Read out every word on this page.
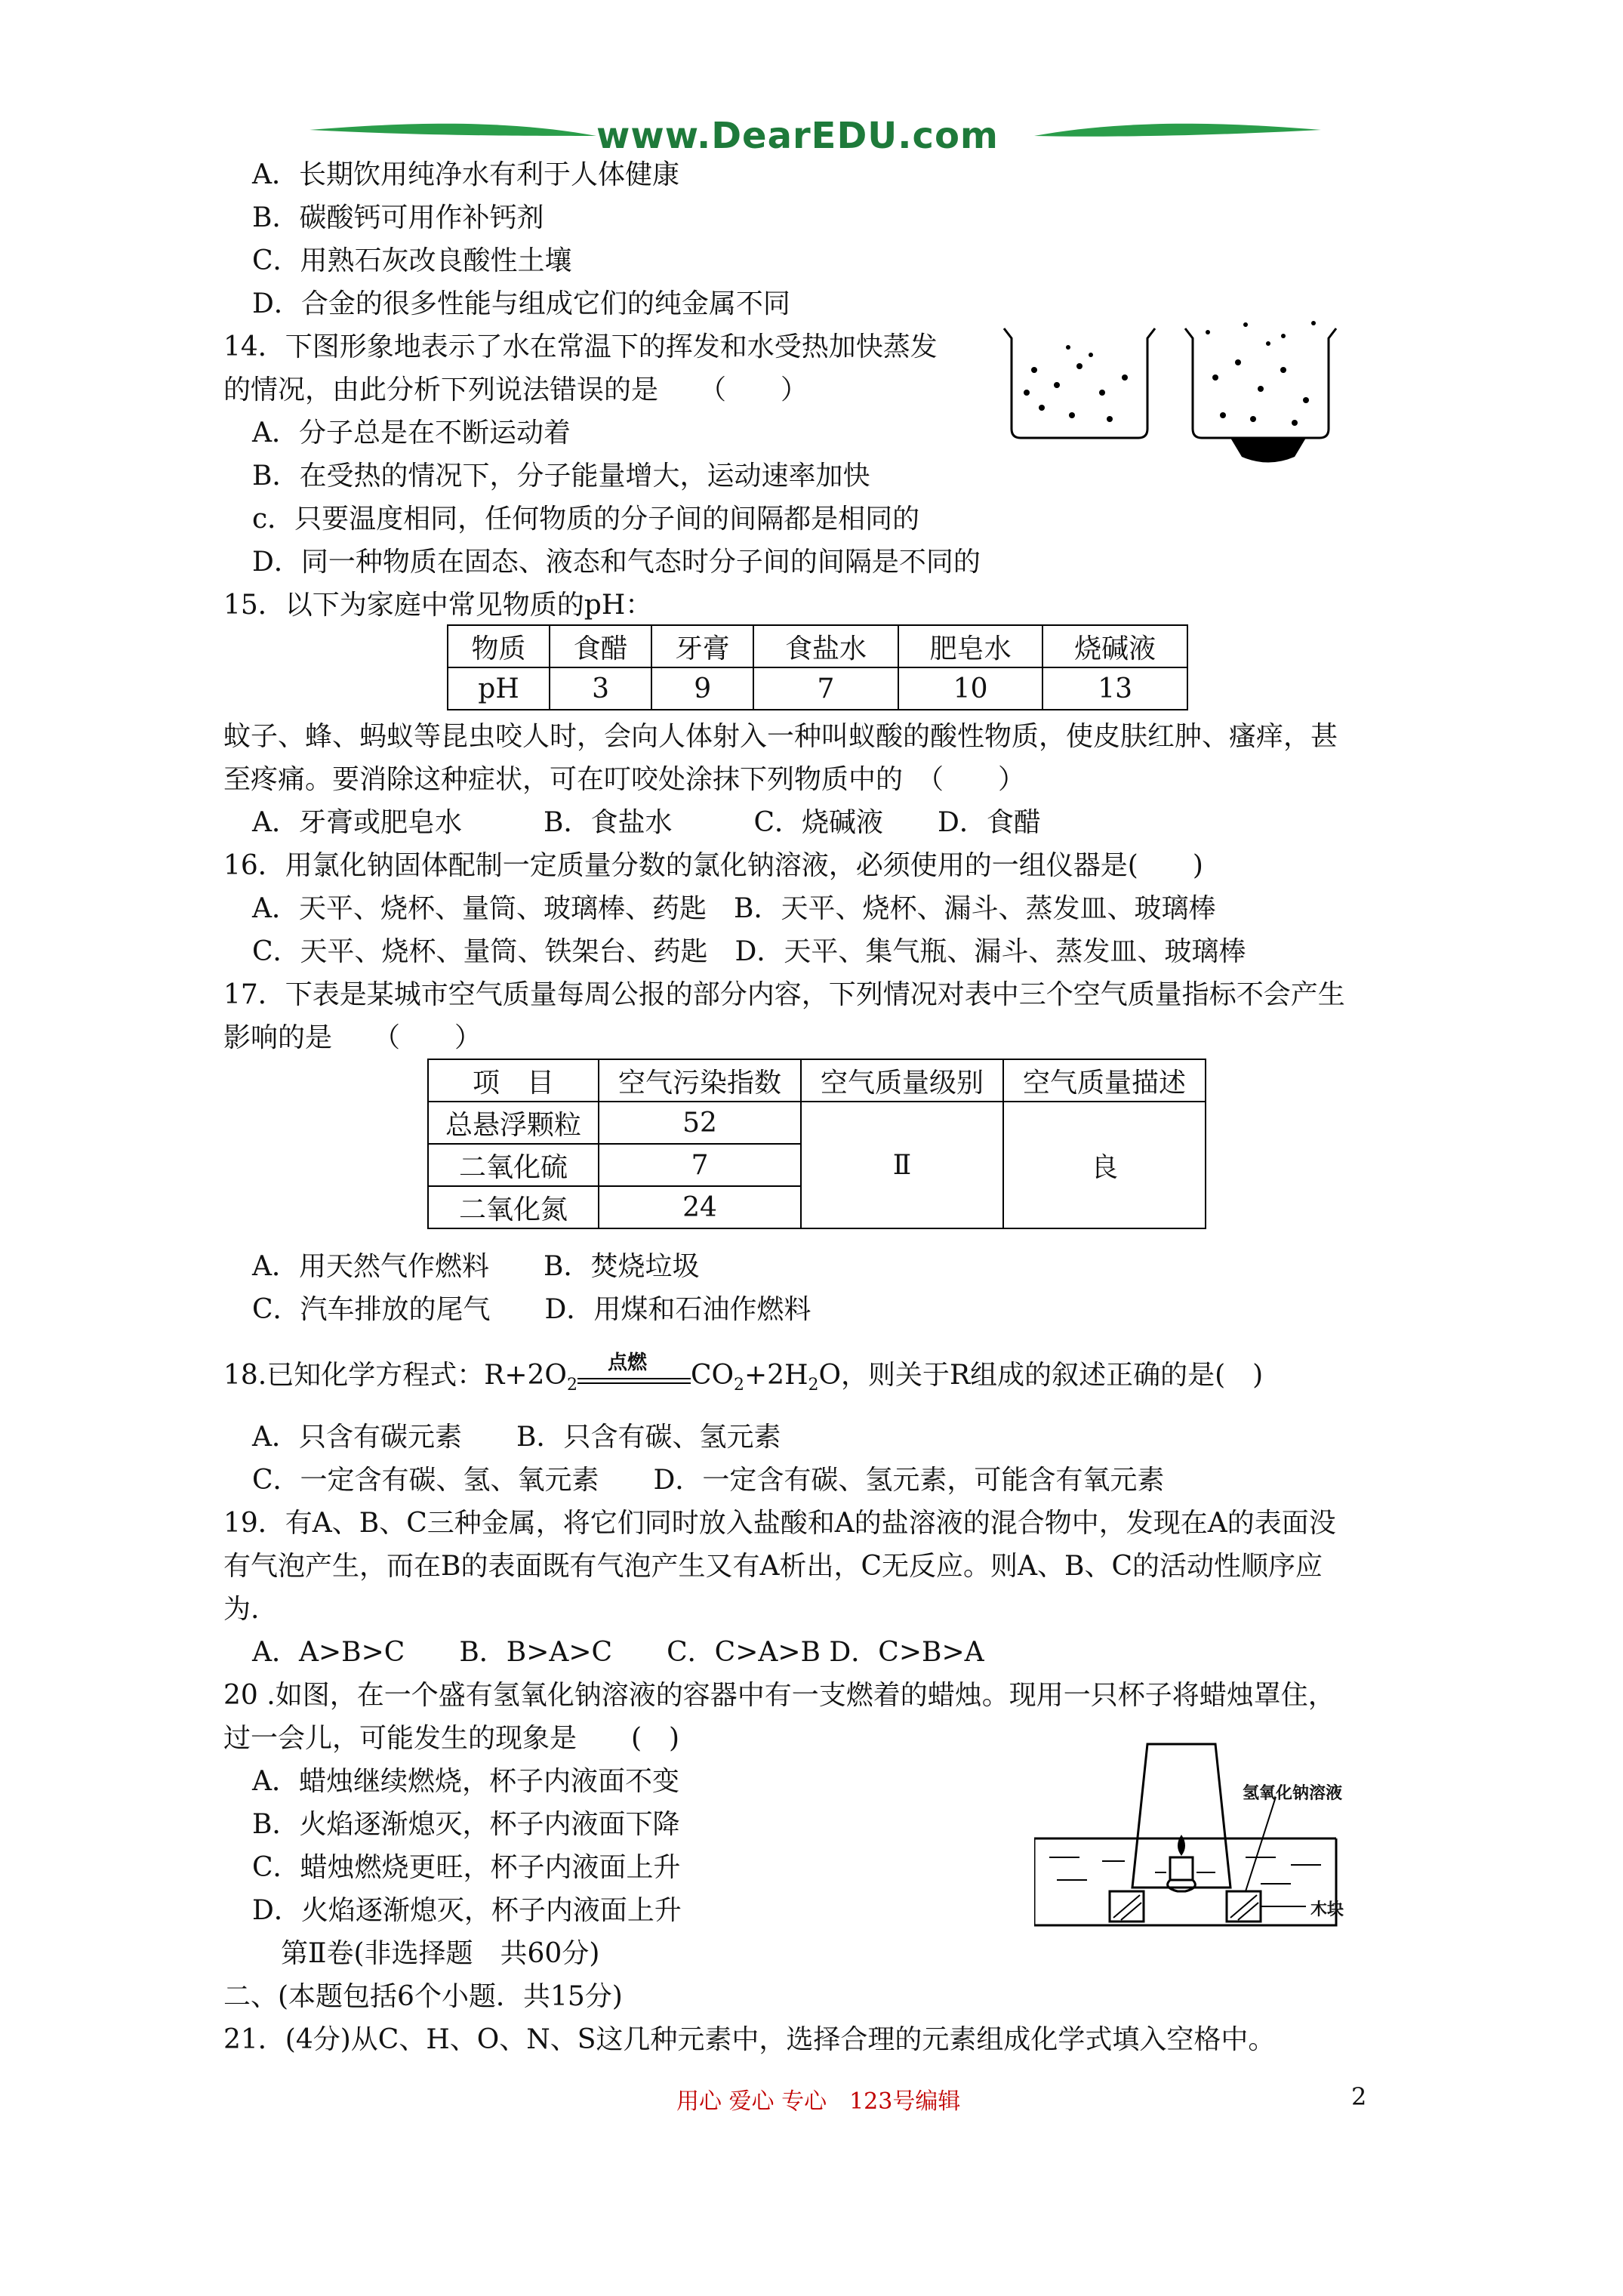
www.DearEDU.com
A．长期饮用纯净水有利于人体健康
B．碳酸钙可用作补钙剂
C．用熟石灰改良酸性土壤
D．合金的很多性能与组成它们的纯金属不同
14．下图形象地表示了水在常温下的挥发和水受热加快蒸发
的情况，由此分析下列说法错误的是　　（　　）
A．分子总是在不断运动着
B．在受热的情况下，分子能量增大，运动速率加快
c．只要温度相同，任何物质的分子间的间隔都是相同的
D．同一种物质在固态、液态和气态时分子间的间隔是不同的
15．以下为家庭中常见物质的pH：
物质	食醋	牙膏	食盐水	肥皂水	烧碱液
pH	3	9	7	10	13
蚊子、蜂、蚂蚁等昆虫咬人时，会向人体射入一种叫蚁酸的酸性物质，使皮肤红肿、瘙痒，甚
至疼痛。要消除这种症状，可在叮咬处涂抹下列物质中的　（　　）
A．牙膏或肥皂水　　　B．食盐水　　　C．烧碱液　　D．食醋
16．用氯化钠固体配制一定质量分数的氯化钠溶液，必须使用的一组仪器是(　　)
A．天平、烧杯、量筒、玻璃棒、药匙　B．天平、烧杯、漏斗、蒸发皿、玻璃棒
C．天平、烧杯、量筒、铁架台、药匙　D．天平、集气瓶、漏斗、蒸发皿、玻璃棒
17．下表是某城市空气质量每周公报的部分内容，下列情况对表中三个空气质量指标不会产生
影响的是　　（　　）
项　目	空气污染指数	空气质量级别	空气质量描述
总悬浮颗粒	52	Ⅱ	良
二氧化硫	7		
二氧化氮	24		
A．用天然气作燃料　　B．焚烧垃圾
C．汽车排放的尾气　　D．用煤和石油作燃料
18.已知化学方程式：$R+2O_2$
点燃 $CO_2+2H_2O$，则关于R组成的叙述正确的是(　)
A．只含有碳元素　　B．只含有碳、氢元素
C．一定含有碳、氢、氧元素　　D．一定含有碳、氢元素，可能含有氧元素
19．有A、B、C三种金属，将它们同时放入盐酸和A的盐溶液的混合物中，发现在A的表面没
有气泡产生，而在B的表面既有气泡产生又有A析出，C无反应。则A、B、C的活动性顺序应
为.
A．A>B>C　　B．B>A>C　　C．C>A>B D．C>B>A
20 .如图，在一个盛有氢氧化钠溶液的容器中有一支燃着的蜡烛。现用一只杯子将蜡烛罩住，
过一会儿，可能发生的现象是　　(　)
A．蜡烛继续燃烧，杯子内液面不变
B．火焰逐渐熄灭，杯子内液面下降
C．蜡烛燃烧更旺，杯子内液面上升
D．火焰逐渐熄灭，杯子内液面上升
氢氧化钠溶液
木块
第Ⅱ卷(非选择题　共60分)
二、(本题包括6个小题．共15分)
21．(4分)从C、H、O、N、S这几种元素中，选择合理的元素组成化学式填入空格中。
用心 爱心 专心　123号编辑	2
